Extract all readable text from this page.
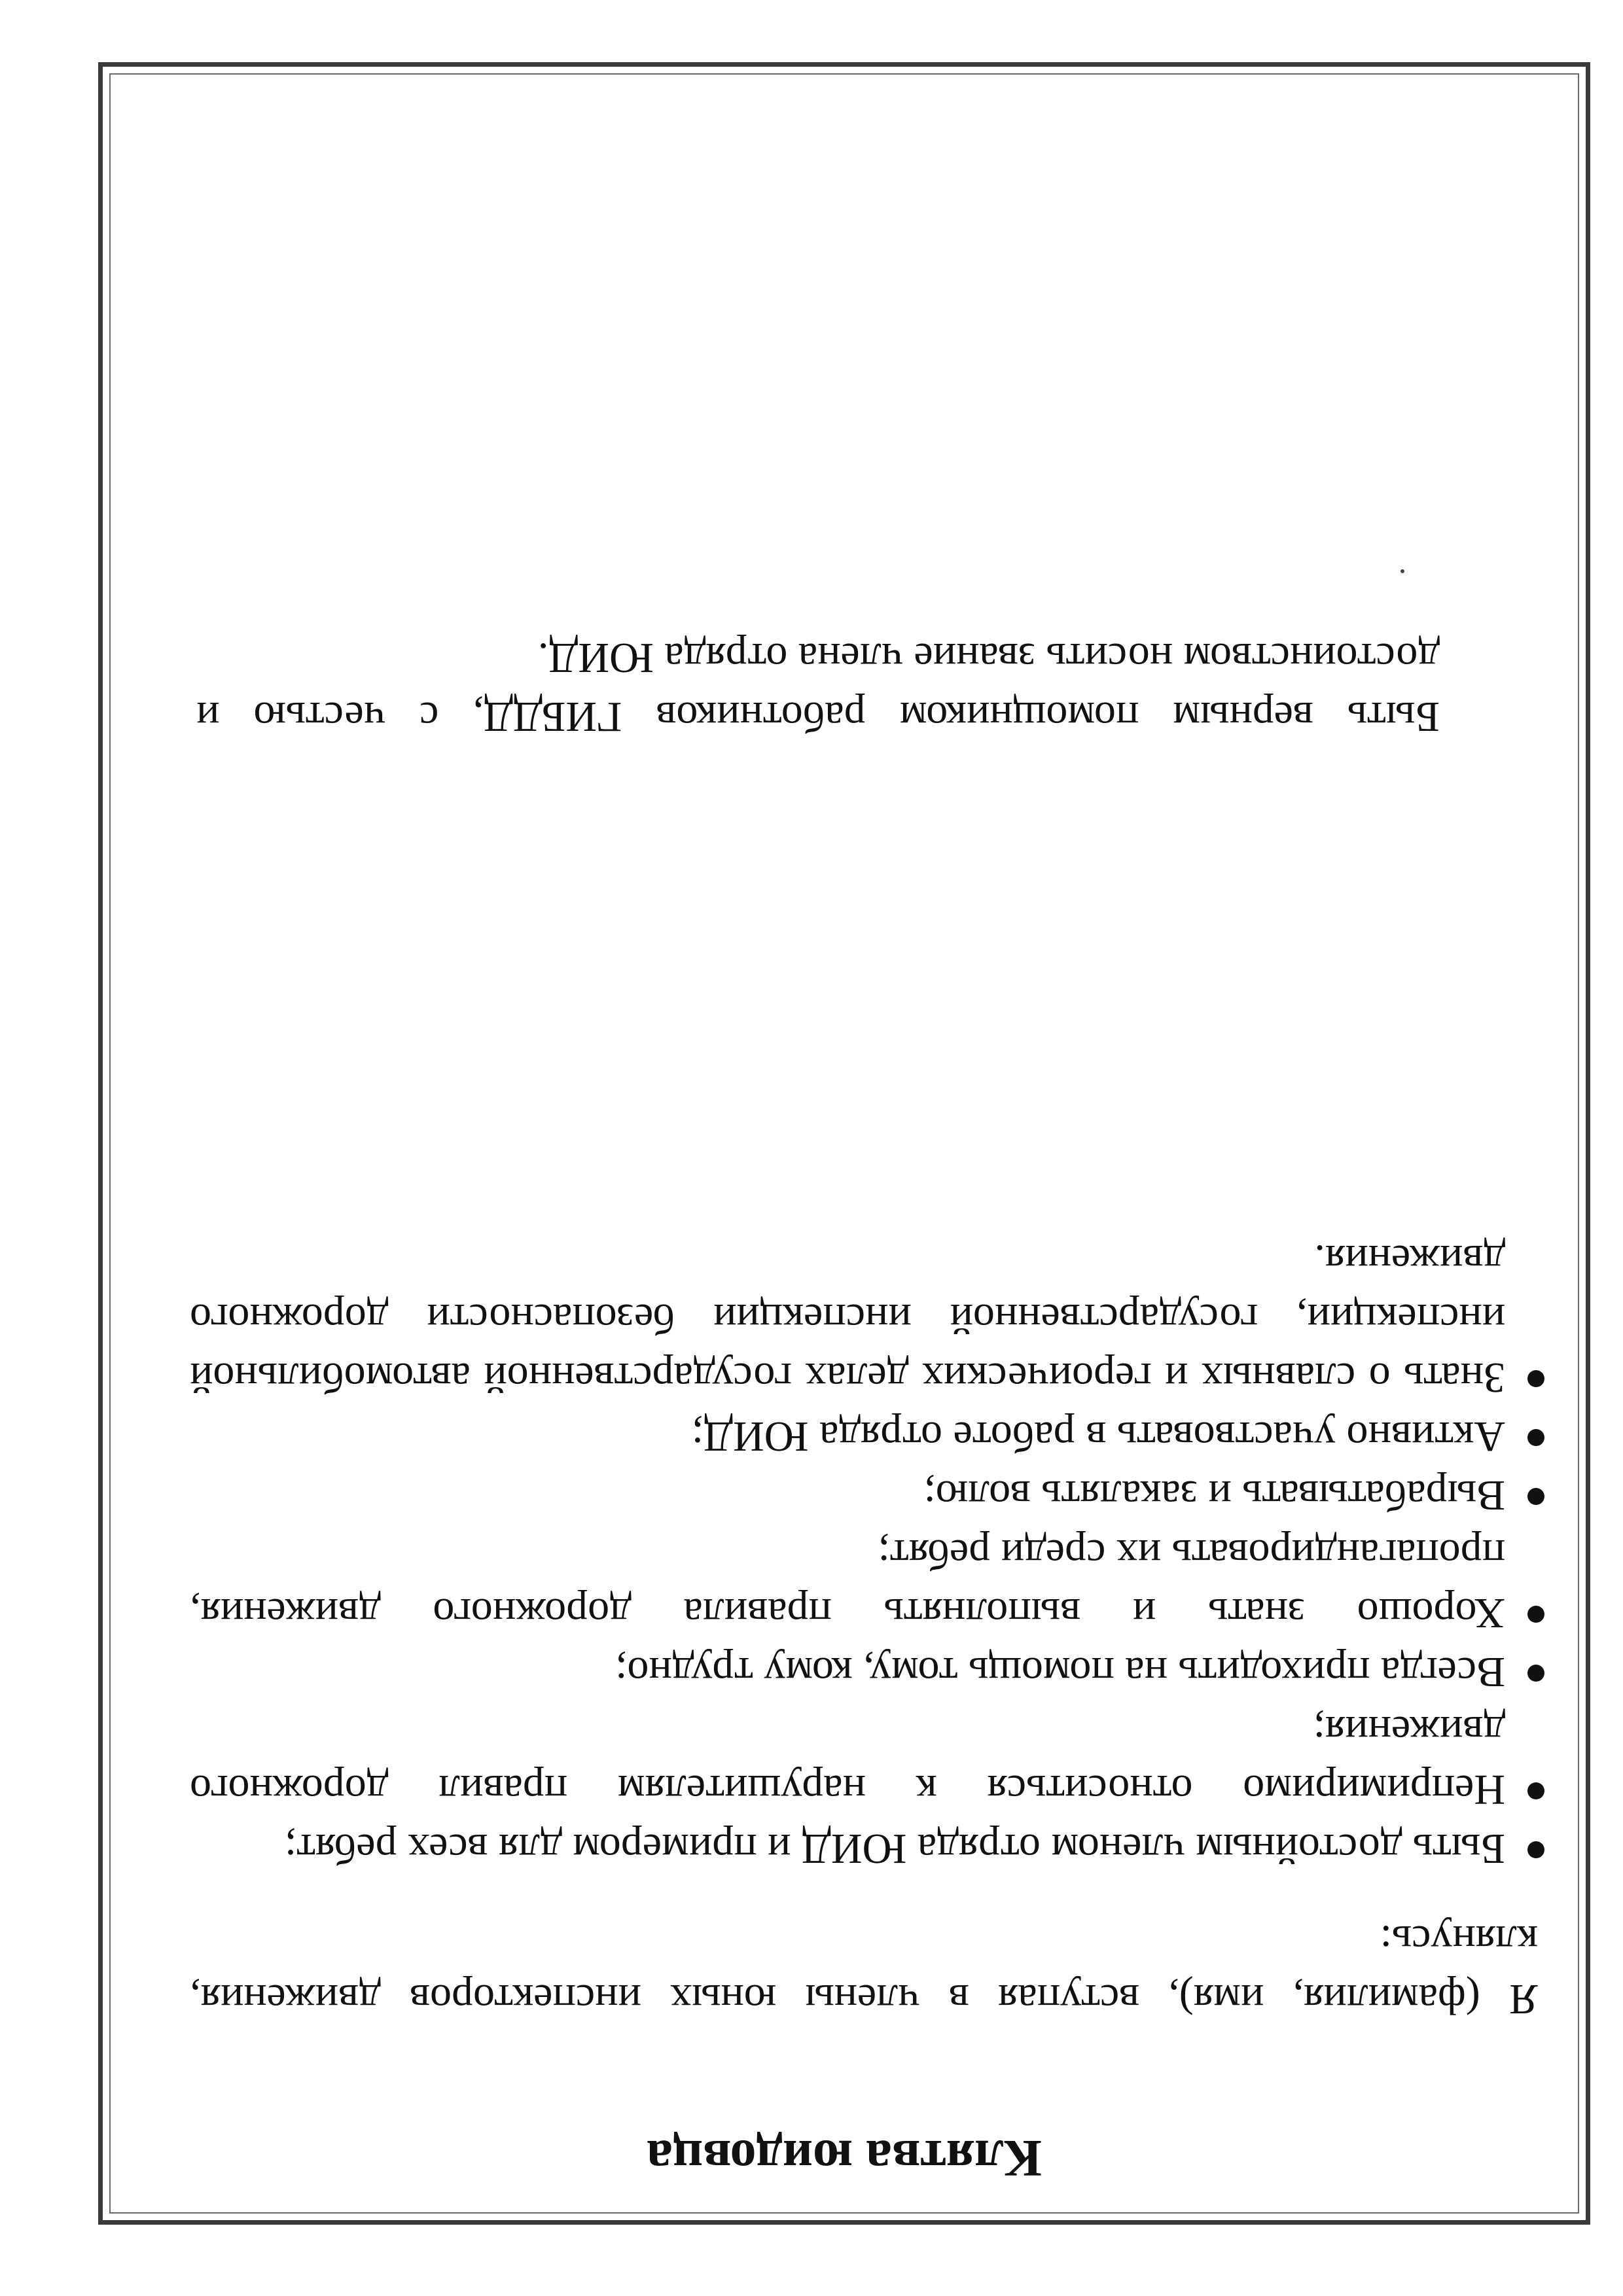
Клятва юидовца

Я (фамилия, имя), вступая в члены юных инспекторов движения, клянусь:

Быть достойным членом отряда ЮИД и примером для всех ребят;
Непримиримо относиться к нарушителям правил дорожного движения;
Всегда приходить на помощь тому, кому трудно;
Хорошо знать и выполнять правила дорожного движения, пропагандировать их среди ребят;
Вырабатывать и закалять волю;
Активно участвовать в работе отряда ЮИД;
Знать о славных и героических делах государственной автомобильной инспекции, государственной инспекции безопасности дорожного движения.

Быть верным помощником работников ГИБДД, с честью и достоинством носить звание члена отряда ЮИД.
